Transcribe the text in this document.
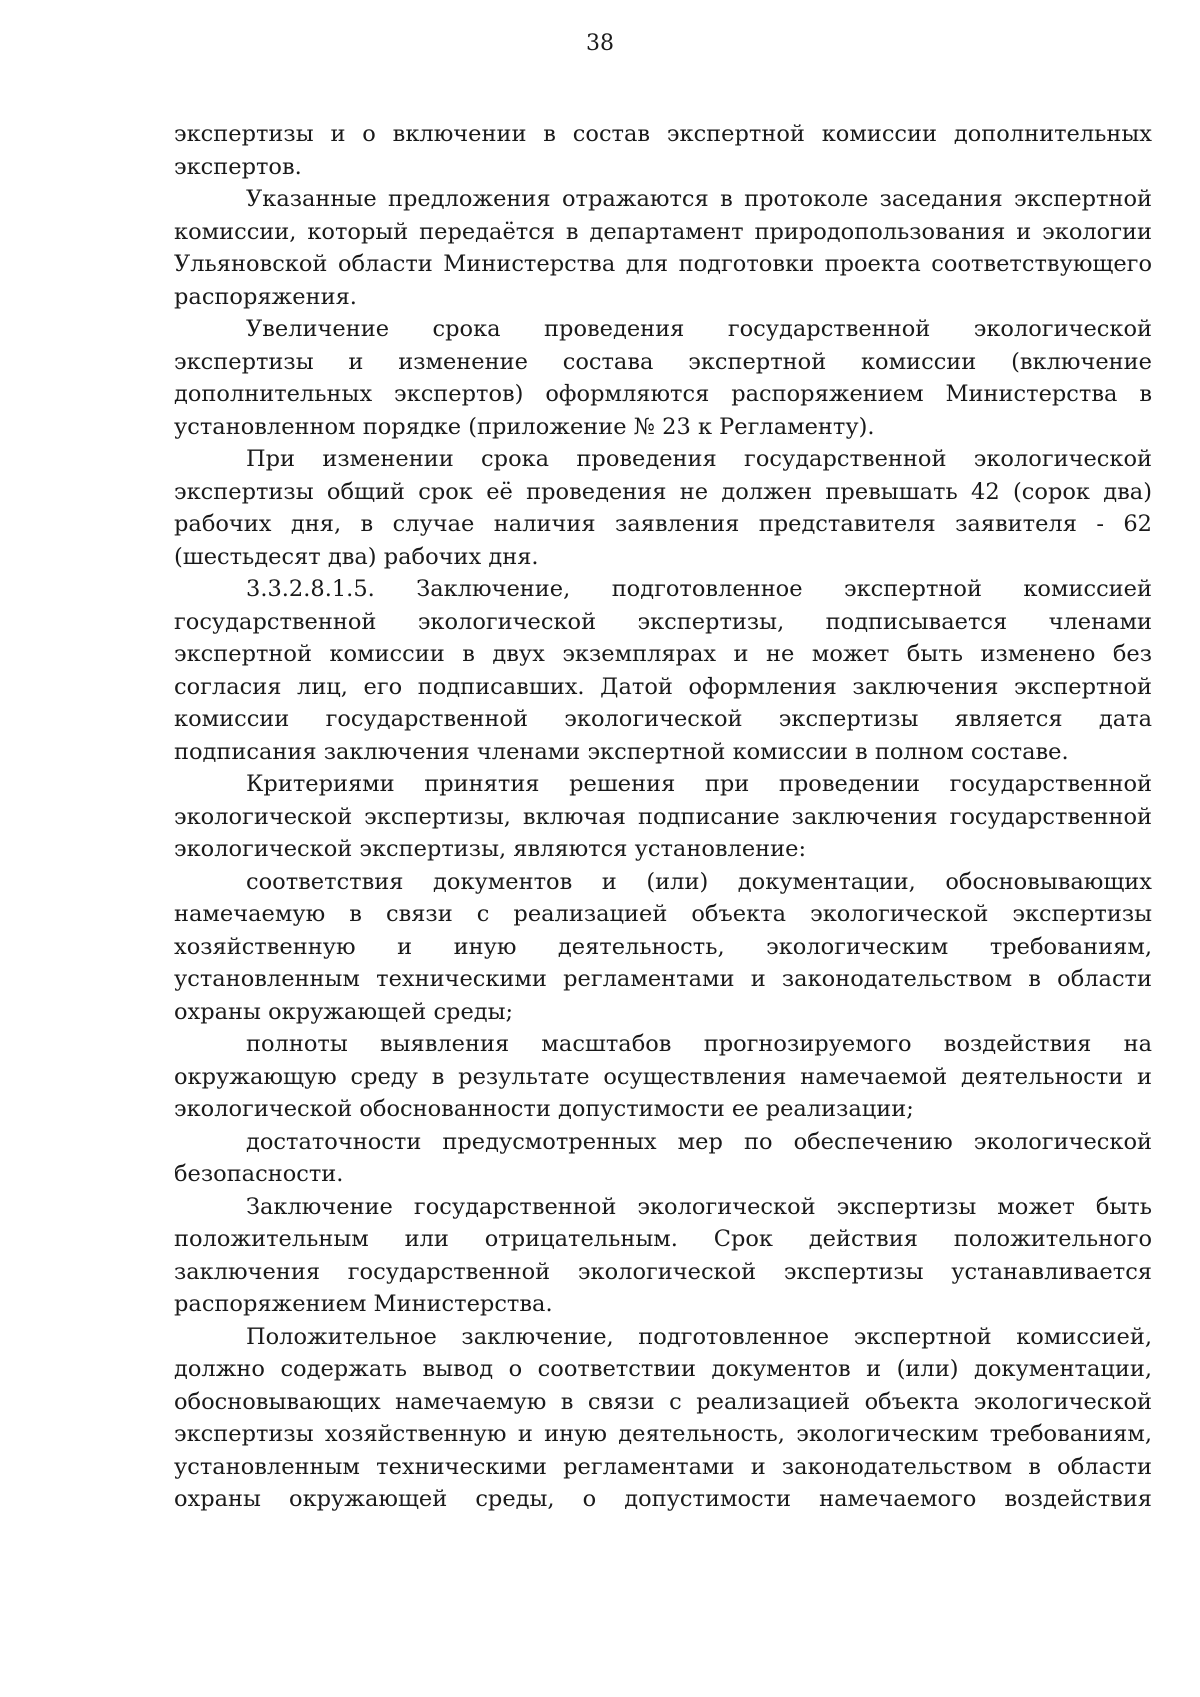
38

экспертизы и о включении в состав экспертной комиссии дополнительных экспертов.

Указанные предложения отражаются в протоколе заседания экспертной комиссии, который передаётся в департамент природопользования и экологии Ульяновской области Министерства для подготовки проекта соответствующего распоряжения.

Увеличение срока проведения государственной экологической экспертизы и изменение состава экспертной комиссии (включение дополнительных экспертов) оформляются распоряжением Министерства в установленном порядке (приложение № 23 к Регламенту).

При изменении срока проведения государственной экологической экспертизы общий срок её проведения не должен превышать 42 (сорок два) рабочих дня, в случае наличия заявления представителя заявителя - 62 (шестьдесят два) рабочих дня.

3.3.2.8.1.5. Заключение, подготовленное экспертной комиссией государственной экологической экспертизы, подписывается членами экспертной комиссии в двух экземплярах и не может быть изменено без согласия лиц, его подписавших. Датой оформления заключения экспертной комиссии государственной экологической экспертизы является дата подписания заключения членами экспертной комиссии в полном составе.

Критериями принятия решения при проведении государственной экологической экспертизы, включая подписание заключения государственной экологической экспертизы, являются установление:

соответствия документов и (или) документации, обосновывающих намечаемую в связи с реализацией объекта экологической экспертизы хозяйственную и иную деятельность, экологическим требованиям, установленным техническими регламентами и законодательством в области охраны окружающей среды;

полноты выявления масштабов прогнозируемого воздействия на окружающую среду в результате осуществления намечаемой деятельности и экологической обоснованности допустимости ее реализации;

достаточности предусмотренных мер по обеспечению экологической безопасности.

Заключение государственной экологической экспертизы может быть положительным или отрицательным. Срок действия положительного заключения государственной экологической экспертизы устанавливается распоряжением Министерства.

Положительное заключение, подготовленное экспертной комиссией, должно содержать вывод о соответствии документов и (или) документации, обосновывающих намечаемую в связи с реализацией объекта экологической экспертизы хозяйственную и иную деятельность, экологическим требованиям, установленным техническими регламентами и законодательством в области охраны окружающей среды, о допустимости намечаемого воздействия
